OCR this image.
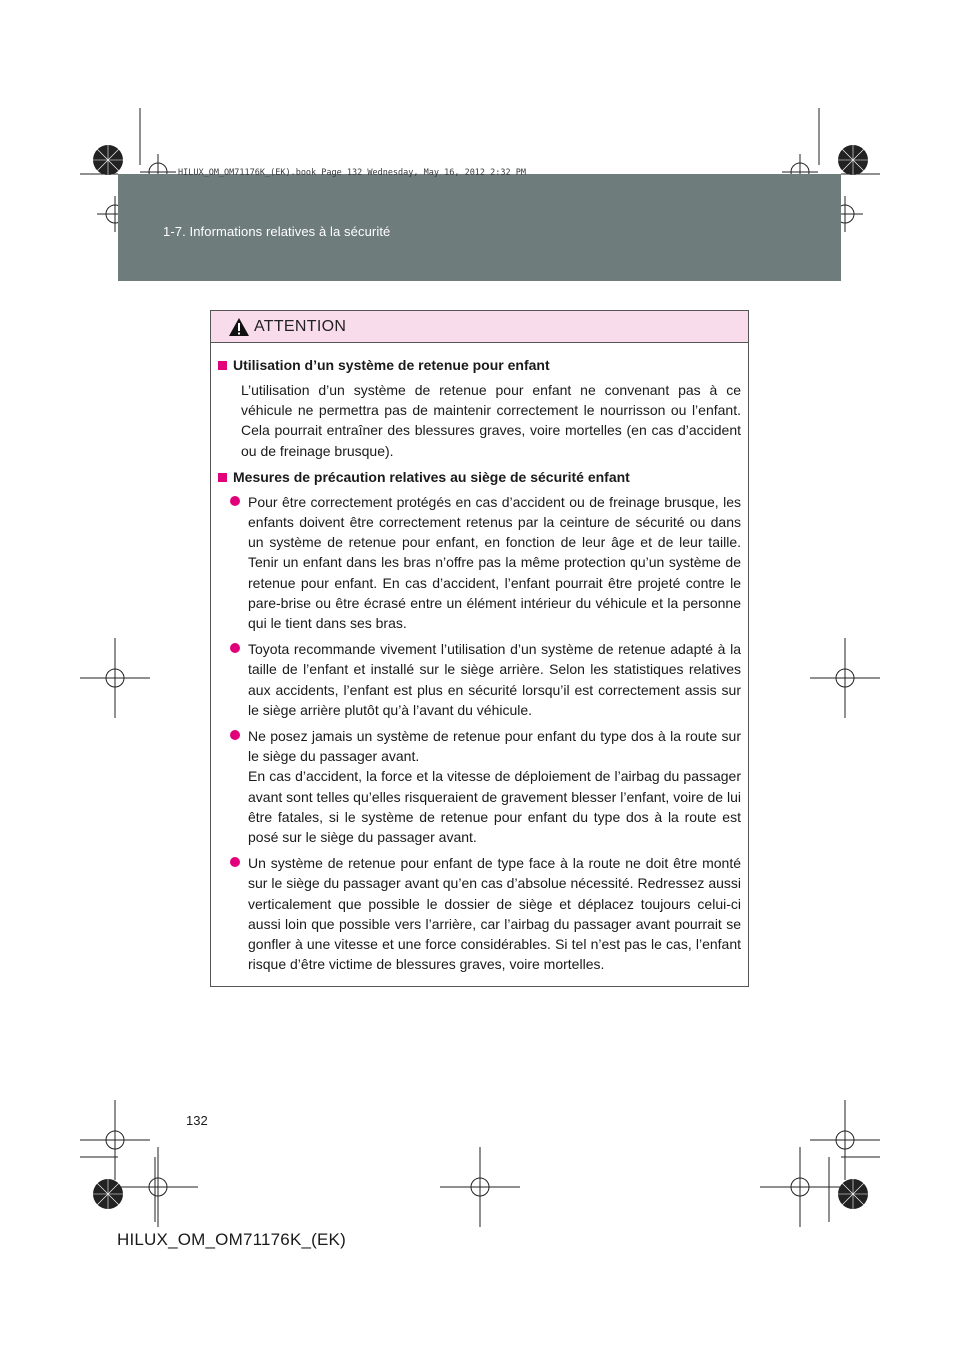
1-7. Informations relatives à la sécurité
HILUX_OM_OM71176K_(EK).book Page 132 Wednesday, May 16, 2012 2:32 PM
ATTENTION
Utilisation d’un système de retenue pour enfant
L’utilisation d’un système de retenue pour enfant ne convenant pas à ce véhicule ne permettra pas de maintenir correctement le nourrisson ou l’enfant. Cela pourrait entraîner des blessures graves, voire mortelles (en cas d’accident ou de freinage brusque).
Mesures de précaution relatives au siège de sécurité enfant
Pour être correctement protégés en cas d’accident ou de freinage brusque, les enfants doivent être correctement retenus par la ceinture de sécurité ou dans un système de retenue pour enfant, en fonction de leur âge et de leur taille. Tenir un enfant dans les bras n’offre pas la même protection qu’un système de retenue pour enfant. En cas d’accident, l’enfant pourrait être projeté contre le pare-brise ou être écrasé entre un élément intérieur du véhicule et la personne qui le tient dans ses bras.
Toyota recommande vivement l’utilisation d’un système de retenue adapté à la taille de l’enfant et installé sur le siège arrière. Selon les statistiques relatives aux accidents, l’enfant est plus en sécurité lorsqu’il est correctement assis sur le siège arrière plutôt qu’à l’avant du véhicule.
Ne posez jamais un système de retenue pour enfant du type dos à la route sur le siège du passager avant.
En cas d’accident, la force et la vitesse de déploiement de l’airbag du passager avant sont telles qu’elles risqueraient de gravement blesser l’enfant, voire de lui être fatales, si le système de retenue pour enfant du type dos à la route est posé sur le siège du passager avant.
Un système de retenue pour enfant de type face à la route ne doit être monté sur le siège du passager avant qu’en cas d’absolue nécessité. Redressez aussi verticalement que possible le dossier de siège et déplacez toujours celui-ci aussi loin que possible vers l’arrière, car l’airbag du passager avant pourrait se gonfler à une vitesse et une force considérables. Si tel n’est pas le cas, l’enfant risque d’être victime de blessures graves, voire mortelles.
132
HILUX_OM_OM71176K_(EK)
